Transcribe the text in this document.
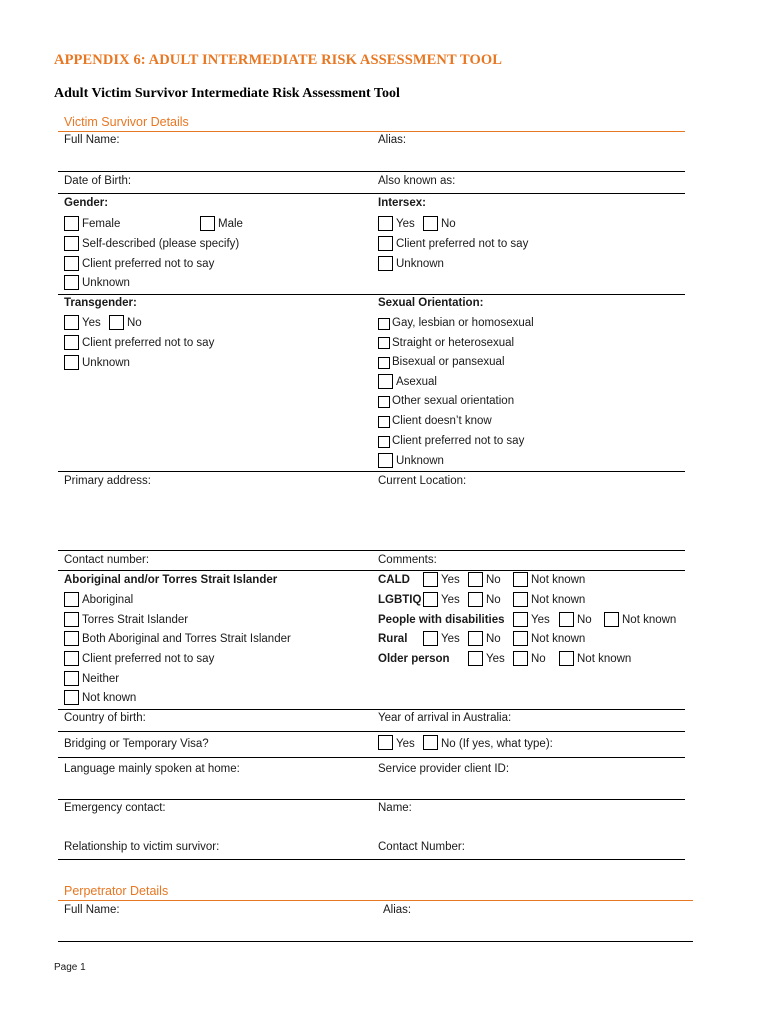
APPENDIX 6: ADULT INTERMEDIATE RISK ASSESSMENT TOOL
Adult Victim Survivor Intermediate Risk Assessment Tool
Victim Survivor Details
Full Name:	Alias:
Date of Birth:	Also known as:
Gender:
Female	Male
Self-described (please specify)
Client preferred not to say
Unknown
Intersex:
Yes No
Client preferred not to say
Unknown
Transgender:
Yes No
Client preferred not to say
Unknown
Sexual Orientation:
Gay, lesbian or homosexual
Straight or heterosexual
Bisexual or pansexual
Asexual
Other sexual orientation
Client doesn’t know
Client preferred not to say
Unknown
Primary address:	Current Location:
Contact number:	Comments:
Aboriginal and/or Torres Strait Islander
Aboriginal
Torres Strait Islander
Both Aboriginal and Torres Strait Islander
Client preferred not to say
Neither
Not known
CALD	Yes No	Not known
LGBTIQ Yes No	Not known
People with disabilities Yes No	Not known
Rural	Yes No	Not known
Older person	Yes No	Not known
Country of birth:	Year of arrival in Australia:
Bridging or Temporary Visa?	Yes No (If yes, what type):
Language mainly spoken at home:	Service provider client ID:
Emergency contact:	Name:
Relationship to victim survivor:	Contact Number:
Perpetrator Details
Full Name:	Alias:
Page 1
